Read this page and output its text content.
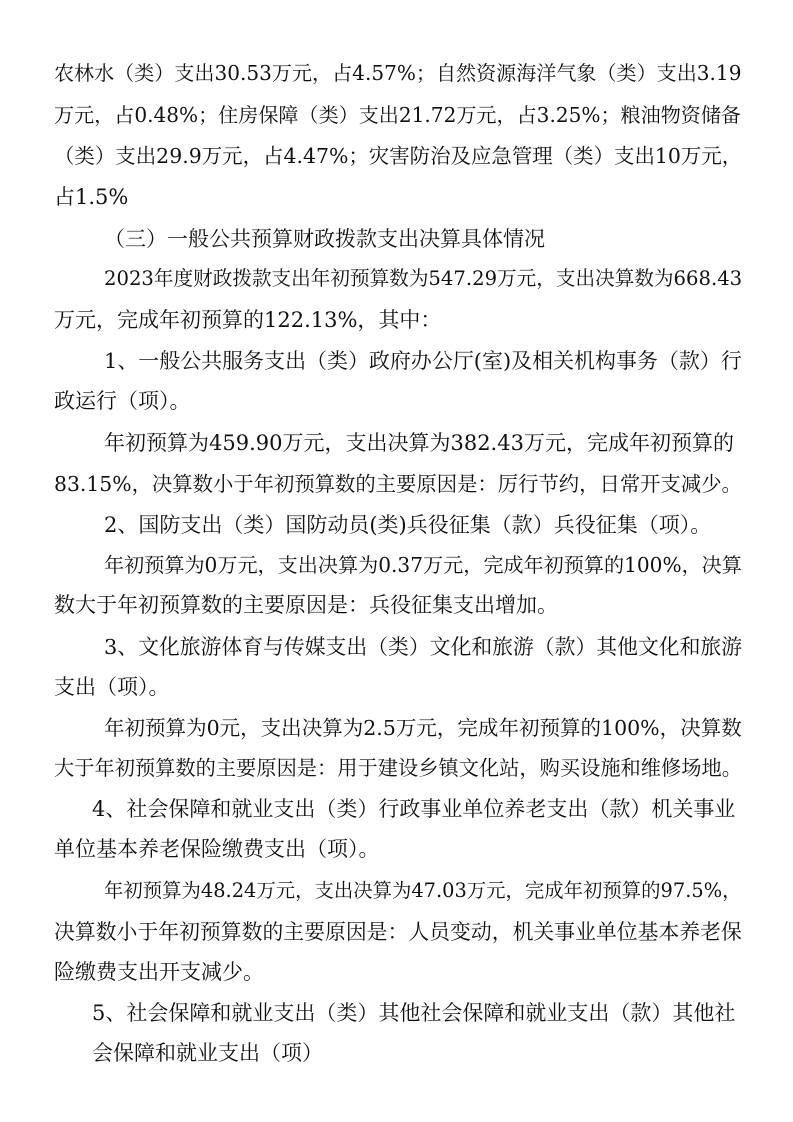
农林水（类）支出30.53万元，占4.57%；自然资源海洋气象（类）支出3.19
万元，占0.48%；住房保障（类）支出21.72万元，占3.25%；粮油物资储备
（类）支出29.9万元，占4.47%；灾害防治及应急管理（类）支出10万元，
占1.5%
（三）一般公共预算财政拨款支出决算具体情况
2023年度财政拨款支出年初预算数为547.29万元，支出决算数为668.43
万元，完成年初预算的122.13%，其中：
1、一般公共服务支出（类）政府办公厅(室)及相关机构事务（款）行
政运行（项）。
年初预算为459.90万元，支出决算为382.43万元，完成年初预算的
83.15%，决算数小于年初预算数的主要原因是：厉行节约，日常开支减少。
2、国防支出（类）国防动员(类)兵役征集（款）兵役征集（项）。
年初预算为0万元，支出决算为0.37万元，完成年初预算的100%，决算
数大于年初预算数的主要原因是：兵役征集支出增加。
3、文化旅游体育与传媒支出（类）文化和旅游（款）其他文化和旅游
支出（项）。
年初预算为0元，支出决算为2.5万元，完成年初预算的100%，决算数
大于年初预算数的主要原因是：用于建设乡镇文化站，购买设施和维修场地。
4、社会保障和就业支出（类）行政事业单位养老支出（款）机关事业
单位基本养老保险缴费支出（项）。
年初预算为48.24万元，支出决算为47.03万元，完成年初预算的97.5%，
决算数小于年初预算数的主要原因是：人员变动，机关事业单位基本养老保
险缴费支出开支减少。
5、社会保障和就业支出（类）其他社会保障和就业支出（款）其他社
会保障和就业支出（项）
